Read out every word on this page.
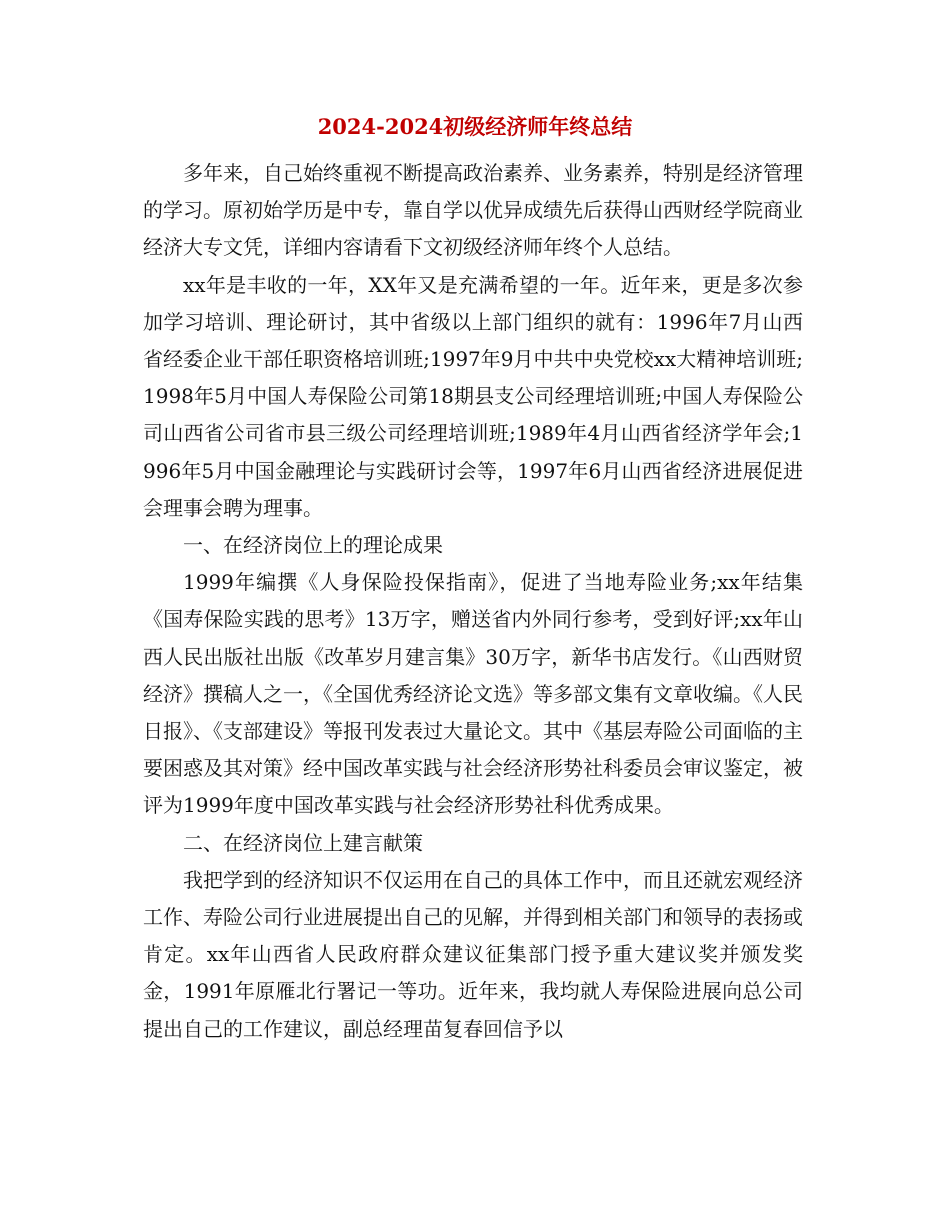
2024-2024初级经济师年终总结

多年来，自己始终重视不断提高政治素养、业务素养，特别是经济管理的学习。原初始学历是中专，靠自学以优异成绩先后获得山西财经学院商业经济大专文凭，详细内容请看下文初级经济师年终个人总结。

xx年是丰收的一年，XX年又是充满希望的一年。近年来，更是多次参加学习培训、理论研讨，其中省级以上部门组织的就有：1996年7月山西省经委企业干部任职资格培训班;1997年9月中共中央党校xx大精神培训班;1998年5月中国人寿保险公司第18期县支公司经理培训班;中国人寿保险公司山西省公司省市县三级公司经理培训班;1989年4月山西省经济学年会;1996年5月中国金融理论与实践研讨会等，1997年6月山西省经济进展促进会理事会聘为理事。

一、在经济岗位上的理论成果

1999年编撰《人身保险投保指南》，促进了当地寿险业务;xx年结集《国寿保险实践的思考》13万字，赠送省内外同行参考，受到好评;xx年山西人民出版社出版《改革岁月建言集》30万字，新华书店发行。《山西财贸经济》撰稿人之一，《全国优秀经济论文选》等多部文集有文章收编。《人民日报》、《支部建设》等报刊发表过大量论文。其中《基层寿险公司面临的主要困惑及其对策》经中国改革实践与社会经济形势社科委员会审议鉴定，被评为1999年度中国改革实践与社会经济形势社科优秀成果。

二、在经济岗位上建言献策

我把学到的经济知识不仅运用在自己的具体工作中，而且还就宏观经济工作、寿险公司行业进展提出自己的见解，并得到相关部门和领导的表扬或肯定。xx年山西省人民政府群众建议征集部门授予重大建议奖并颁发奖金，1991年原雁北行署记一等功。近年来，我均就人寿保险进展向总公司提出自己的工作建议，副总经理苗复春回信予以
